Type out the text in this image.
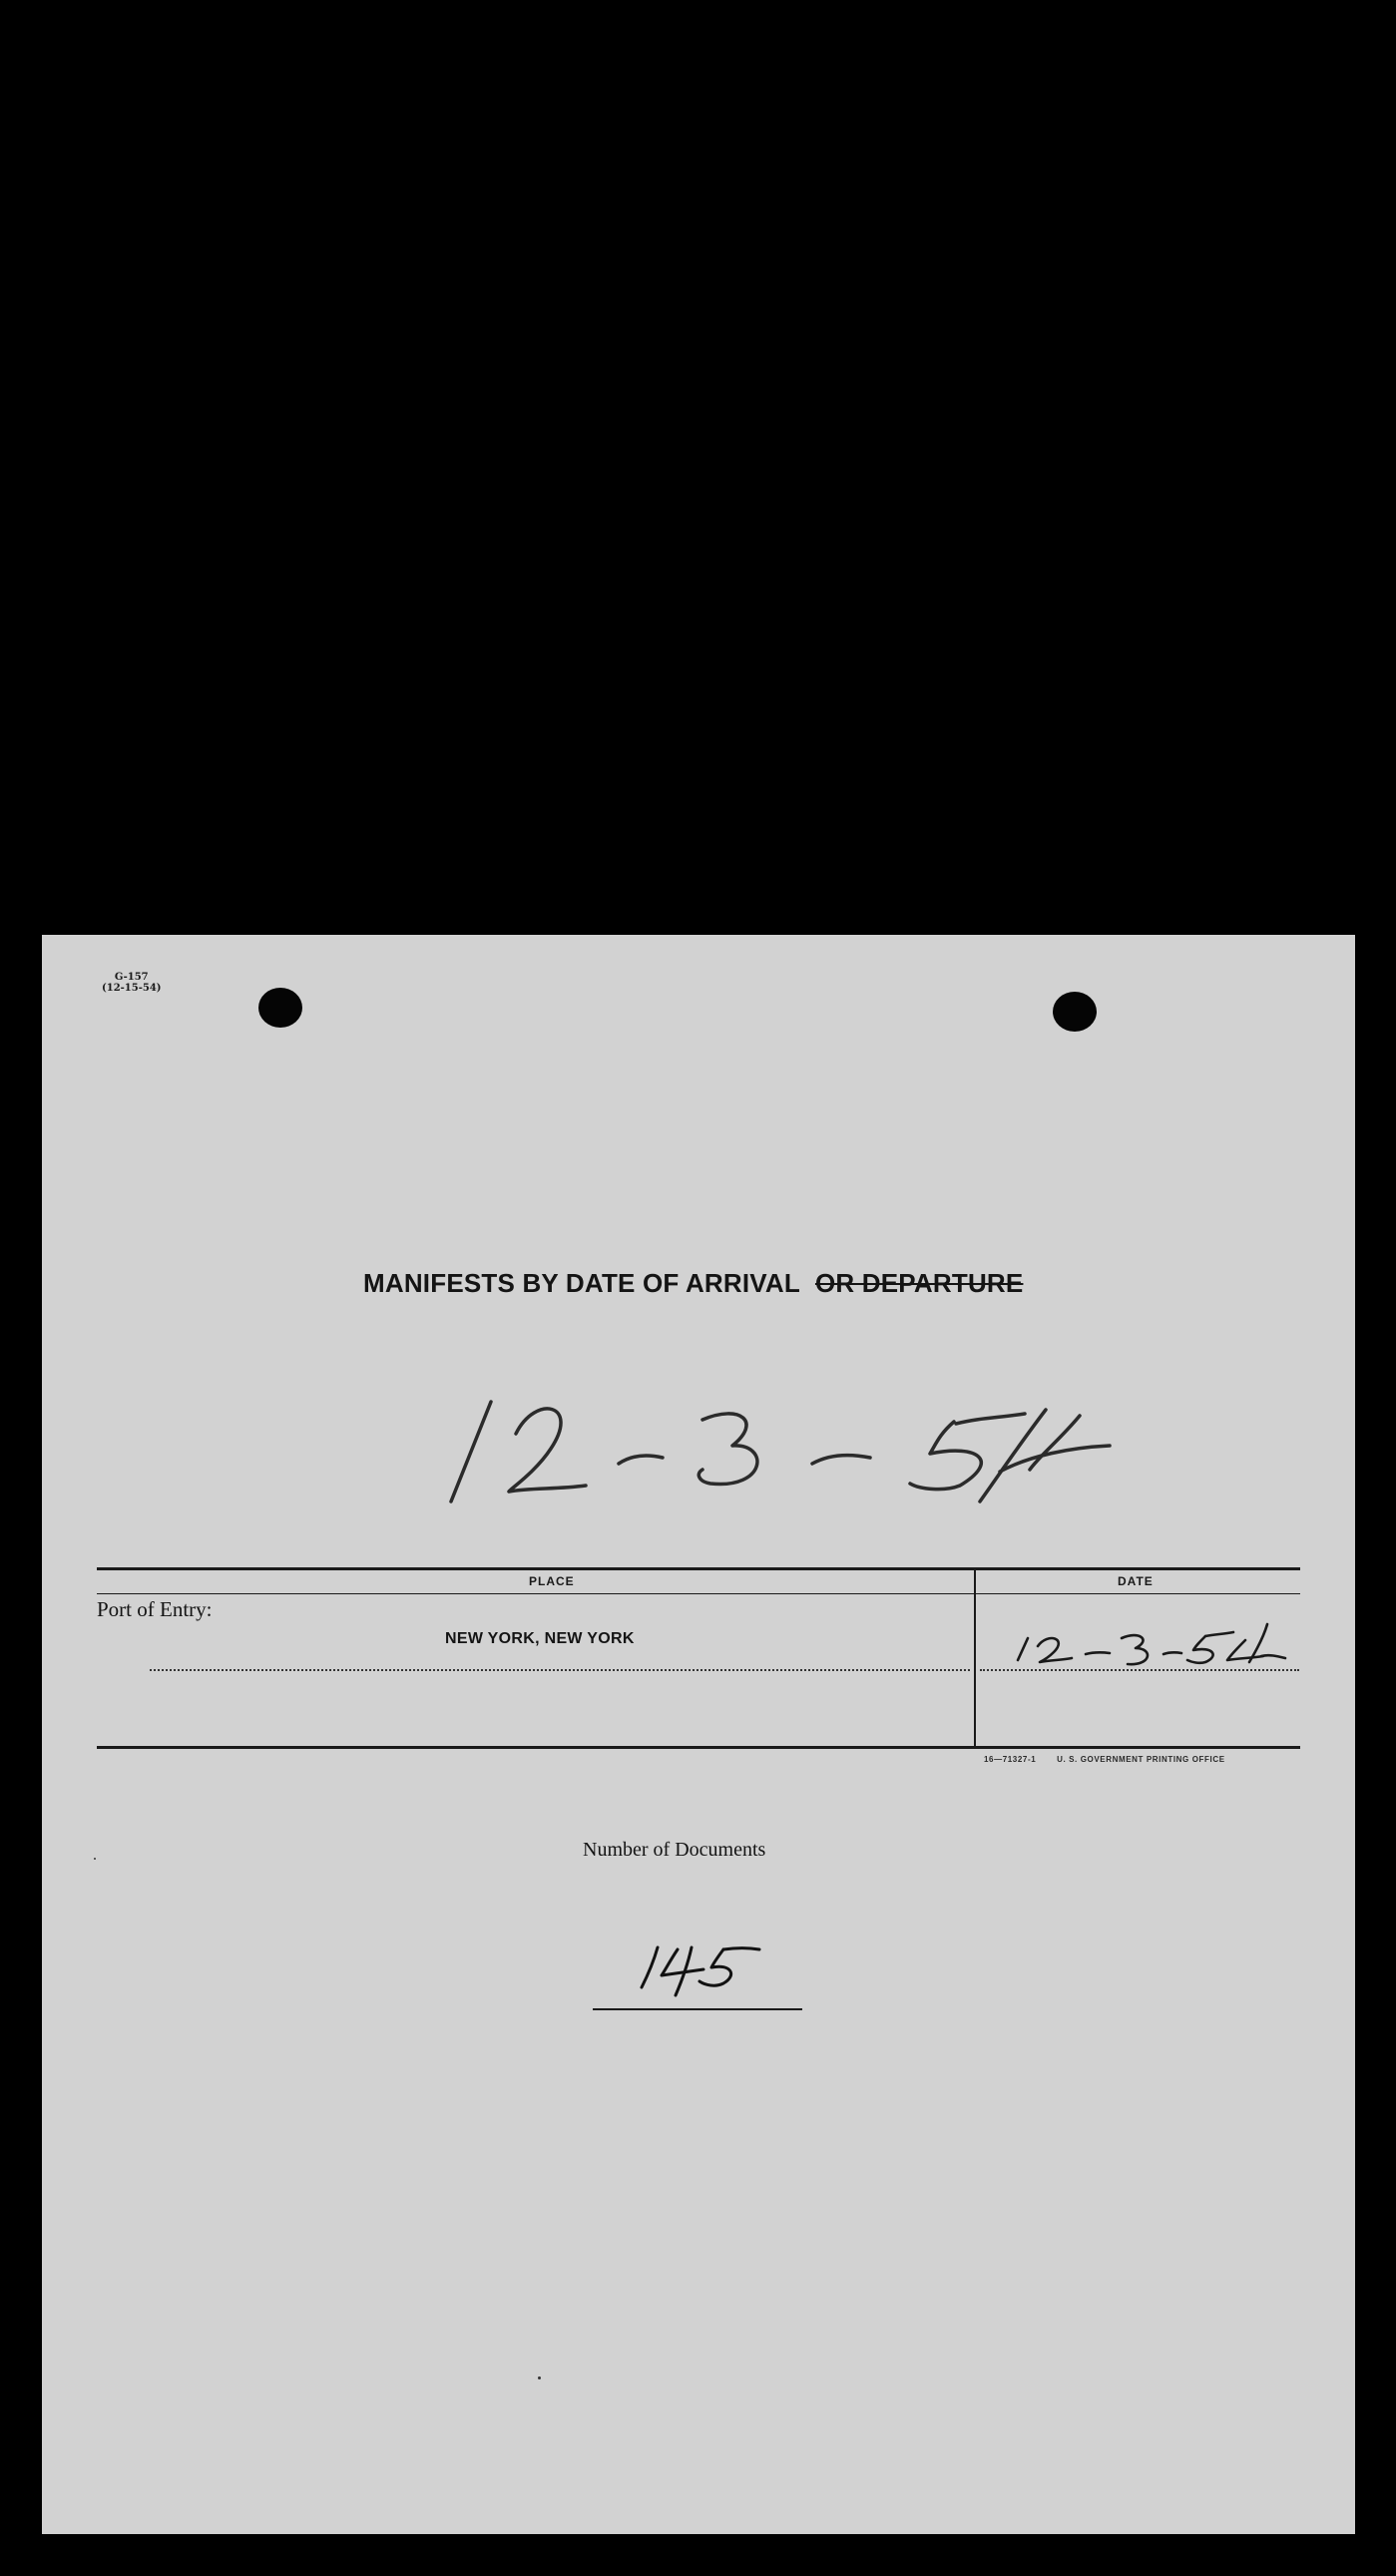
G-157
(12-15-54)
MANIFESTS BY DATE OF ARRIVAL OR DEPARTURE
PLACE	DATE
Port of Entry:
NEW YORK, NEW YORK
16—71327-1	U. S. GOVERNMENT PRINTING OFFICE
Number of Documents
